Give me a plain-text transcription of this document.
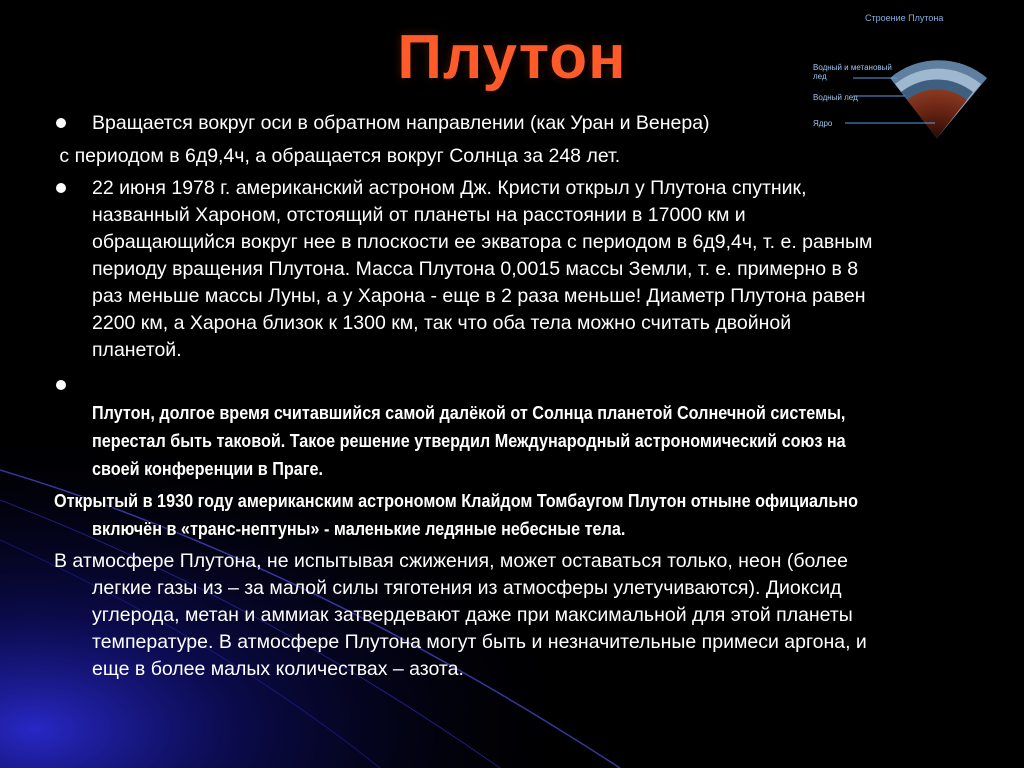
Плутон
Строение Плутона
Водный и метановый лед
Водный лед
Ядро
Вращается вокруг оси в обратном направлении (как Уран и Венера)
с периодом в 6д9,4ч, а обращается вокруг Солнца за 248 лет.
22 июня 1978 г. американский астроном Дж. Кристи открыл у Плутона спутник,
названный Хароном, отстоящий от планеты на расстоянии в 17000 км и
обращающийся вокруг нее в плоскости ее экватора с периодом в 6д9,4ч, т. е. равным
периоду вращения Плутона. Масса Плутона 0,0015 массы Земли, т. е. примерно в 8
раз меньше массы Луны, а у Харона - еще в 2 раза меньше! Диаметр Плутона равен
2200 км, а Харона близок к 1300 км, так что оба тела можно считать двойной
планетой.
Плутон, долгое время считавшийся самой далёкой от Солнца планетой Солнечной системы,
перестал быть таковой. Такое решение утвердил Международный астрономический союз на
своей конференции в Праге.
Открытый в 1930 году американским астрономом Клайдом Томбаугом Плутон отныне официально
включён в «транс-нептуны» - маленькие ледяные небесные тела.
В атмосфере Плутона, не испытывая сжижения, может оставаться только, неон (более
легкие газы из – за малой силы тяготения из атмосферы улетучиваются). Диоксид
углерода, метан и аммиак затвердевают даже при максимальной для этой планеты
температуре. В атмосфере Плутона могут быть и незначительные примеси аргона, и
еще в более малых количествах – азота.
